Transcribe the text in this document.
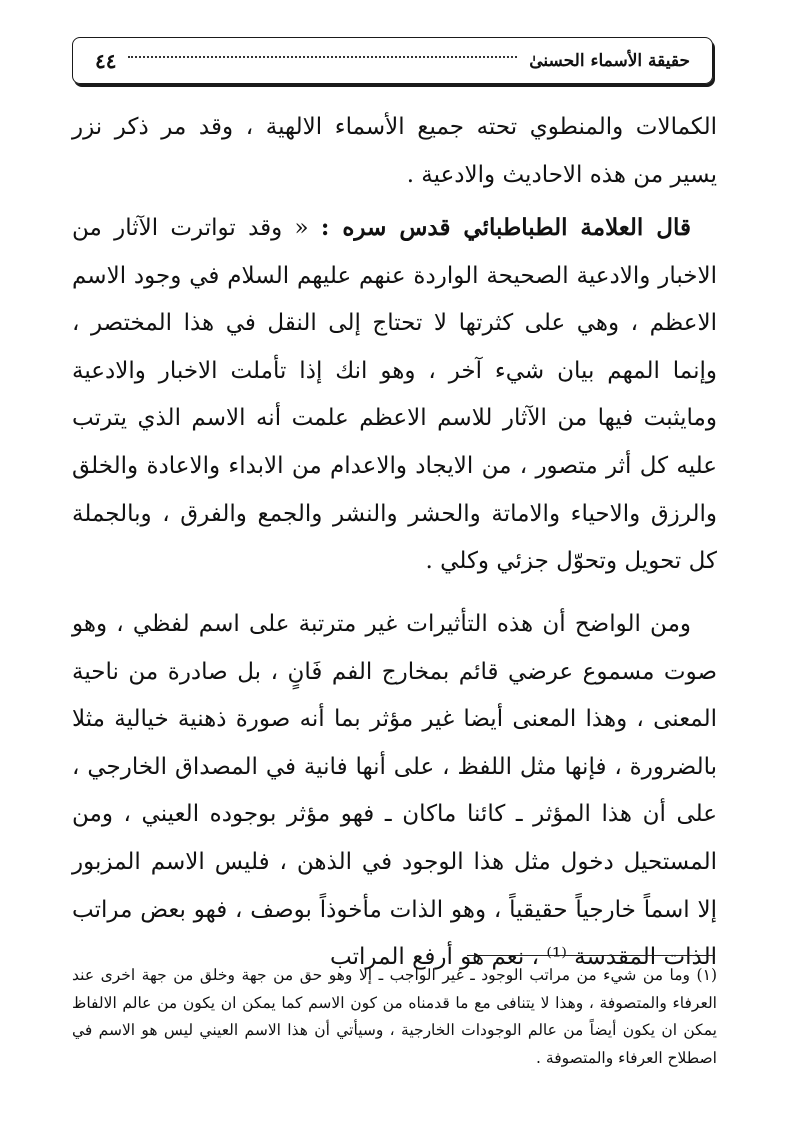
حقيقة الأسماء الحسنىٰ
٤٤

الكمالات والمنطوي تحته جميع الأسماء الالهية ، وقد مر ذكر نزر يسير من هذه الاحاديث والادعية .

قال العلامة الطباطبائي قدس سره : « وقد تواترت الآثار من الاخبار والادعية الصحيحة الواردة عنهم عليهم السلام في وجود الاسم الاعظم ، وهي على كثرتها لا تحتاج إلى النقل في هذا المختصر ، وإنما المهم بيان شيء آخر ، وهو انك إذا تأملت الاخبار والادعية ومايثبت فيها من الآثار للاسم الاعظم علمت أنه الاسم الذي يترتب عليه كل أثر متصور ، من الايجاد والاعدام من الابداء والاعادة والخلق والرزق والاحياء والاماتة والحشر والنشر والجمع والفرق ، وبالجملة كل تحويل وتحوّل جزئي وكلي .

ومن الواضح أن هذه التأثيرات غير مترتبة على اسم لفظي ، وهو صوت مسموع عرضي قائم بمخارج الفم فَانٍ ، بل صادرة من ناحية المعنى ، وهذا المعنى أيضا غير مؤثر بما أنه صورة ذهنية خيالية مثلا بالضرورة ، فإنها مثل اللفظ ، على أنها فانية في المصداق الخارجي ، على أن هذا المؤثر ـ كائنا ماكان ـ فهو مؤثر بوجوده العيني ، ومن المستحيل دخول مثل هذا الوجود في الذهن ، فليس الاسم المزبور إلا اسماً خارجياً حقيقياً ، وهو الذات مأخوذاً بوصف ، فهو بعض مراتب الذات المقدسة ⁽¹⁾ ، نعم هو أرفع المراتب

(١) وما من شيء من مراتب الوجود ـ غير الواجب ـ إلا وهو حق من جهة وخلق من جهة اخرى عند العرفاء والمتصوفة ، وهذا لا يتنافى مع ما قدمناه من كون الاسم كما يمكن ان يكون من عالم الالفاظ يمكن ان يكون أيضاً من عالم الوجودات الخارجية ، وسيأتي أن هذا الاسم العيني ليس هو الاسم في اصطلاح العرفاء والمتصوفة .
